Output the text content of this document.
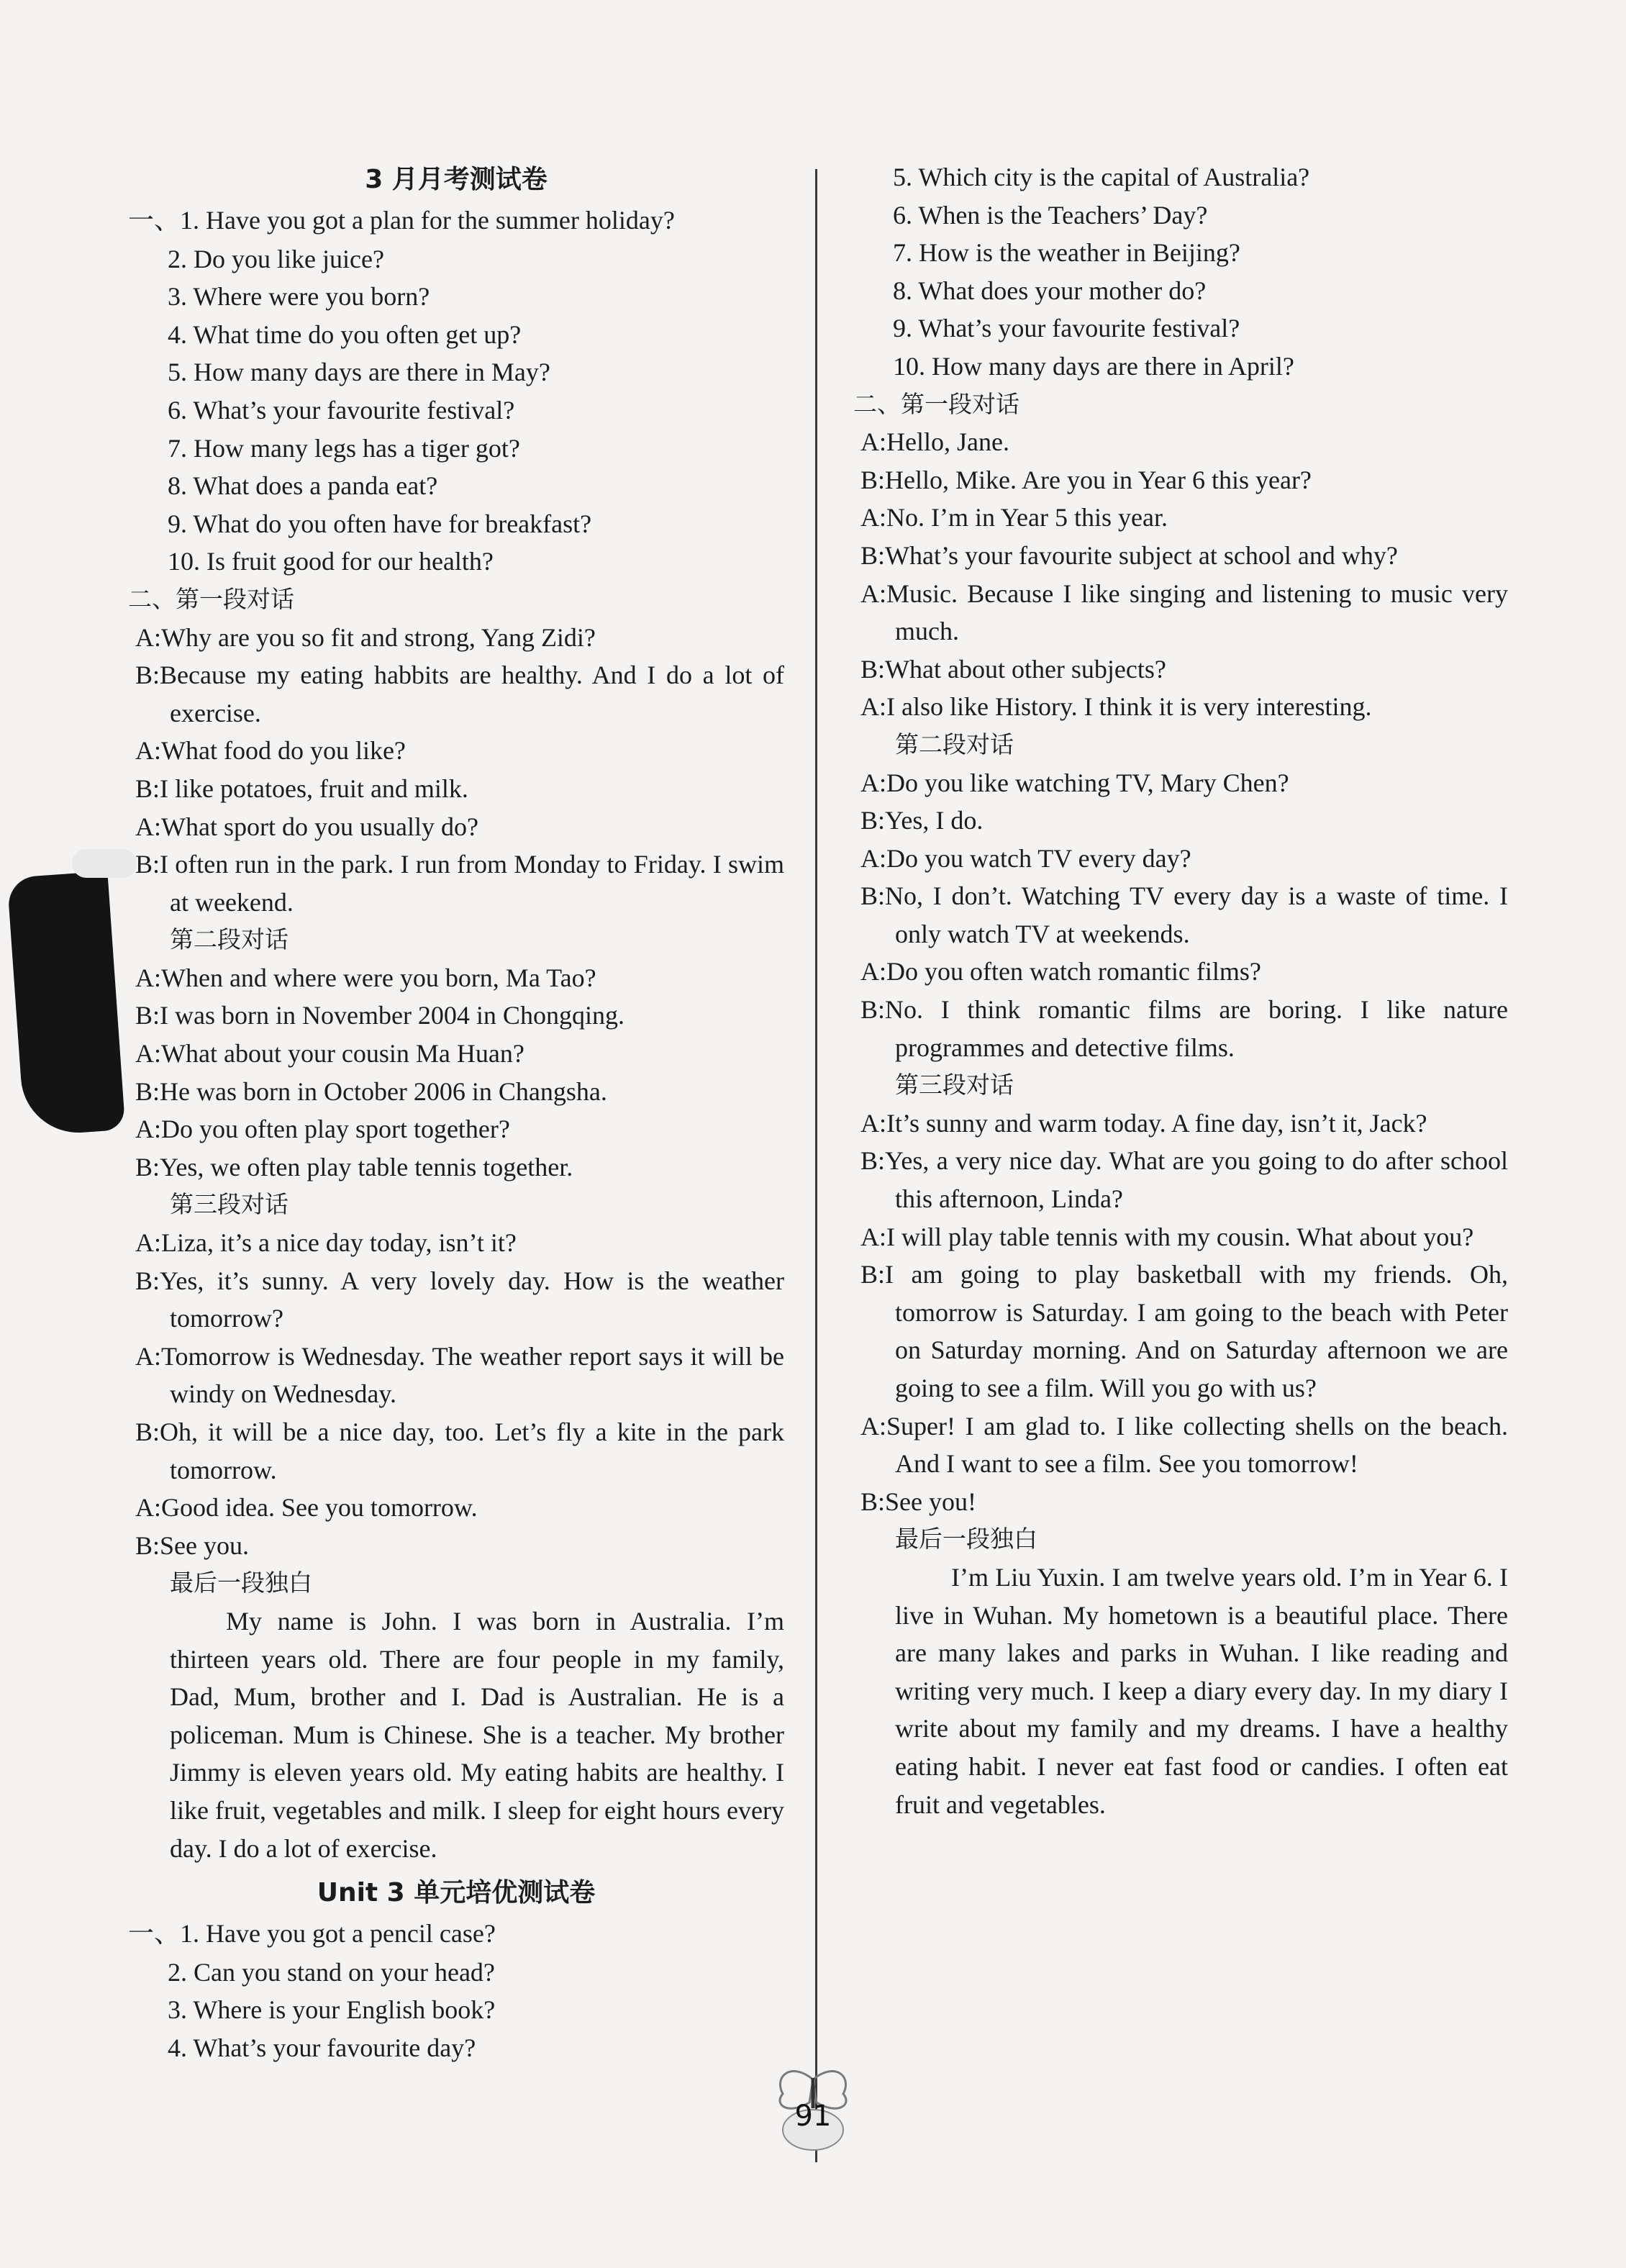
3 月月考测试卷
一、1. Have you got a plan for the summer holiday?
2. Do you like juice?
3. Where were you born?
4. What time do you often get up?
5. How many days are there in May?
6. What’s your favourite festival?
7. How many legs has a tiger got?
8. What does a panda eat?
9. What do you often have for breakfast?
10. Is fruit good for our health?
二、第一段对话
A:Why are you so fit and strong, Yang Zidi?
B:Because my eating habbits are healthy. And I do a lot of exercise.
A:What food do you like?
B:I like potatoes, fruit and milk.
A:What sport do you usually do?
B:I often run in the park. I run from Monday to Friday. I swim at weekend.
第二段对话
A:When and where were you born, Ma Tao?
B:I was born in November 2004 in Chongqing.
A:What about your cousin Ma Huan?
B:He was born in October 2006 in Changsha.
A:Do you often play sport together?
B:Yes, we often play table tennis together.
第三段对话
A:Liza, it’s a nice day today, isn’t it?
B:Yes, it’s sunny. A very lovely day. How is the weather tomorrow?
A:Tomorrow is Wednesday. The weather report says it will be windy on Wednesday.
B:Oh, it will be a nice day, too. Let’s fly a kite in the park tomorrow.
A:Good idea. See you tomorrow.
B:See you.
最后一段独白
My name is John. I was born in Australia. I’m thirteen years old. There are four people in my family, Dad, Mum, brother and I. Dad is Australian. He is a policeman. Mum is Chinese. She is a teacher. My brother Jimmy is eleven years old. My eating habits are healthy. I like fruit, vegetables and milk. I sleep for eight hours every day. I do a lot of exercise.
Unit 3 单元培优测试卷
一、1. Have you got a pencil case?
2. Can you stand on your head?
3. Where is your English book?
4. What’s your favourite day?
5. Which city is the capital of Australia?
6. When is the Teachers’ Day?
7. How is the weather in Beijing?
8. What does your mother do?
9. What’s your favourite festival?
10. How many days are there in April?
二、第一段对话
A:Hello, Jane.
B:Hello, Mike. Are you in Year 6 this year?
A:No. I’m in Year 5 this year.
B:What’s your favourite subject at school and why?
A:Music. Because I like singing and listening to music very much.
B:What about other subjects?
A:I also like History. I think it is very interesting.
第二段对话
A:Do you like watching TV, Mary Chen?
B:Yes, I do.
A:Do you watch TV every day?
B:No, I don’t. Watching TV every day is a waste of time. I only watch TV at weekends.
A:Do you often watch romantic films?
B:No. I think romantic films are boring. I like nature programmes and detective films.
第三段对话
A:It’s sunny and warm today. A fine day, isn’t it, Jack?
B:Yes, a very nice day. What are you going to do after school this afternoon, Linda?
A:I will play table tennis with my cousin. What about you?
B:I am going to play basketball with my friends. Oh, tomorrow is Saturday. I am going to the beach with Peter on Saturday morning. And on Saturday afternoon we are going to see a film. Will you go with us?
A:Super! I am glad to. I like collecting shells on the beach. And I want to see a film. See you tomorrow!
B:See you!
最后一段独白
I’m Liu Yuxin. I am twelve years old. I’m in Year 6. I live in Wuhan. My hometown is a beautiful place. There are many lakes and parks in Wuhan. I like reading and writing very much. I keep a diary every day. In my diary I write about my family and my dreams. I have a healthy eating habit. I never eat fast food or candies. I often eat fruit and vegetables.
91
